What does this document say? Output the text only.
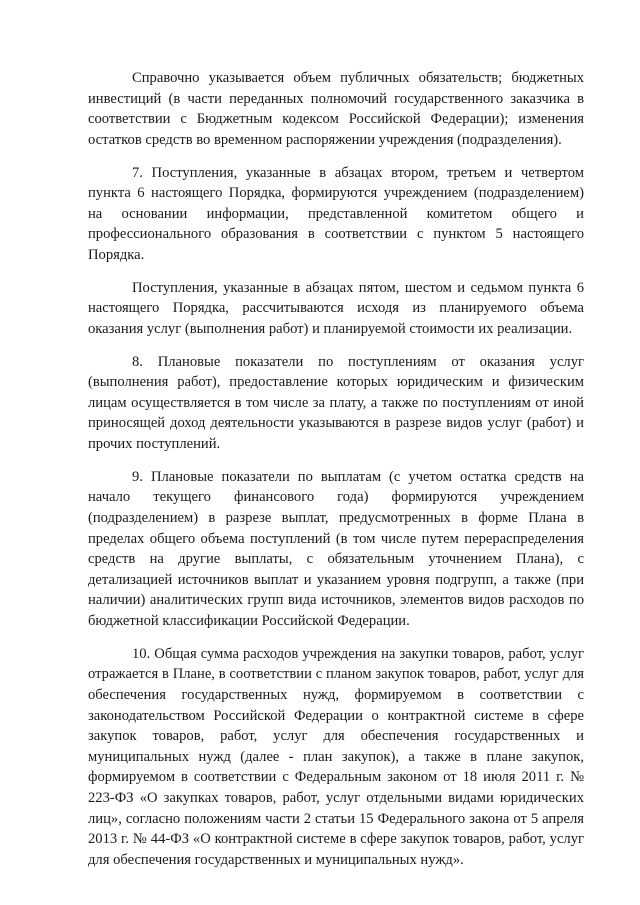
Справочно указывается объем публичных обязательств; бюджетных инвестиций (в части переданных полномочий государственного заказчика в соответствии с Бюджетным кодексом Российской Федерации); изменения остатков средств во временном распоряжении учреждения (подразделения).

7. Поступления, указанные в абзацах втором, третьем и четвертом пункта 6 настоящего Порядка, формируются учреждением (подразделением) на основании информации, представленной комитетом общего и профессионального образования в соответствии с пунктом 5 настоящего Порядка.

Поступления, указанные в абзацах пятом, шестом и седьмом пункта 6 настоящего Порядка, рассчитываются исходя из планируемого объема оказания услуг (выполнения работ) и планируемой стоимости их реализации.

8. Плановые показатели по поступлениям от оказания услуг (выполнения работ), предоставление которых юридическим и физическим лицам осуществляется в том числе за плату, а также по поступлениям от иной приносящей доход деятельности указываются в разрезе видов услуг (работ) и прочих поступлений.

9. Плановые показатели по выплатам (с учетом остатка средств на начало текущего финансового года) формируются учреждением (подразделением) в разрезе выплат, предусмотренных в форме Плана в пределах общего объема поступлений (в том числе путем перераспределения средств на другие выплаты, с обязательным уточнением Плана), с детализацией источников выплат и указанием уровня подгрупп, а также (при наличии) аналитических групп вида источников, элементов видов расходов по бюджетной классификации Российской Федерации.

10. Общая сумма расходов учреждения на закупки товаров, работ, услуг отражается в Плане, в соответствии с планом закупок товаров, работ, услуг для обеспечения государственных нужд, формируемом в соответствии с законодательством Российской Федерации о контрактной системе в сфере закупок товаров, работ, услуг для обеспечения государственных и муниципальных нужд (далее - план закупок), а также в плане закупок, формируемом в соответствии с Федеральным законом от 18 июля 2011 г. № 223-ФЗ «О закупках товаров, работ, услуг отдельными видами юридических лиц», согласно положениям части 2 статьи 15 Федерального закона от 5 апреля 2013 г. № 44-ФЗ «О контрактной системе в сфере закупок товаров, работ, услуг для обеспечения государственных и муниципальных нужд».
